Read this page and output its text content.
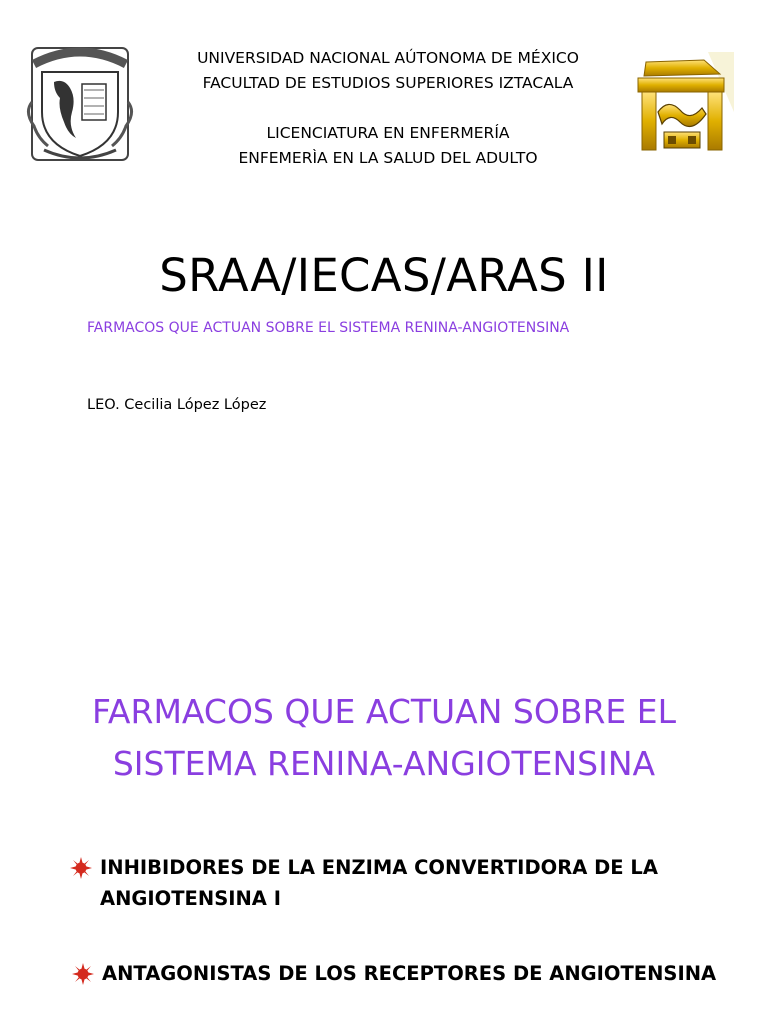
UNIVERSIDAD NACIONAL AÚTONOMA DE MÉXICO
FACULTAD DE ESTUDIOS SUPERIORES IZTACALA
LICENCIATURA EN ENFERMERÍA
ENFEMERÌA EN LA SALUD DEL ADULTO
SRAA/IECAS/ARAS II
FARMACOS QUE ACTUAN SOBRE EL SISTEMA RENINA-ANGIOTENSINA
LEO. Cecilia López López
FARMACOS QUE ACTUAN SOBRE EL
SISTEMA RENINA-ANGIOTENSINA
INHIBIDORES DE LA ENZIMA CONVERTIDORA DE LA
ANGIOTENSINA I
ANTAGONISTAS DE LOS RECEPTORES DE ANGIOTENSINA
